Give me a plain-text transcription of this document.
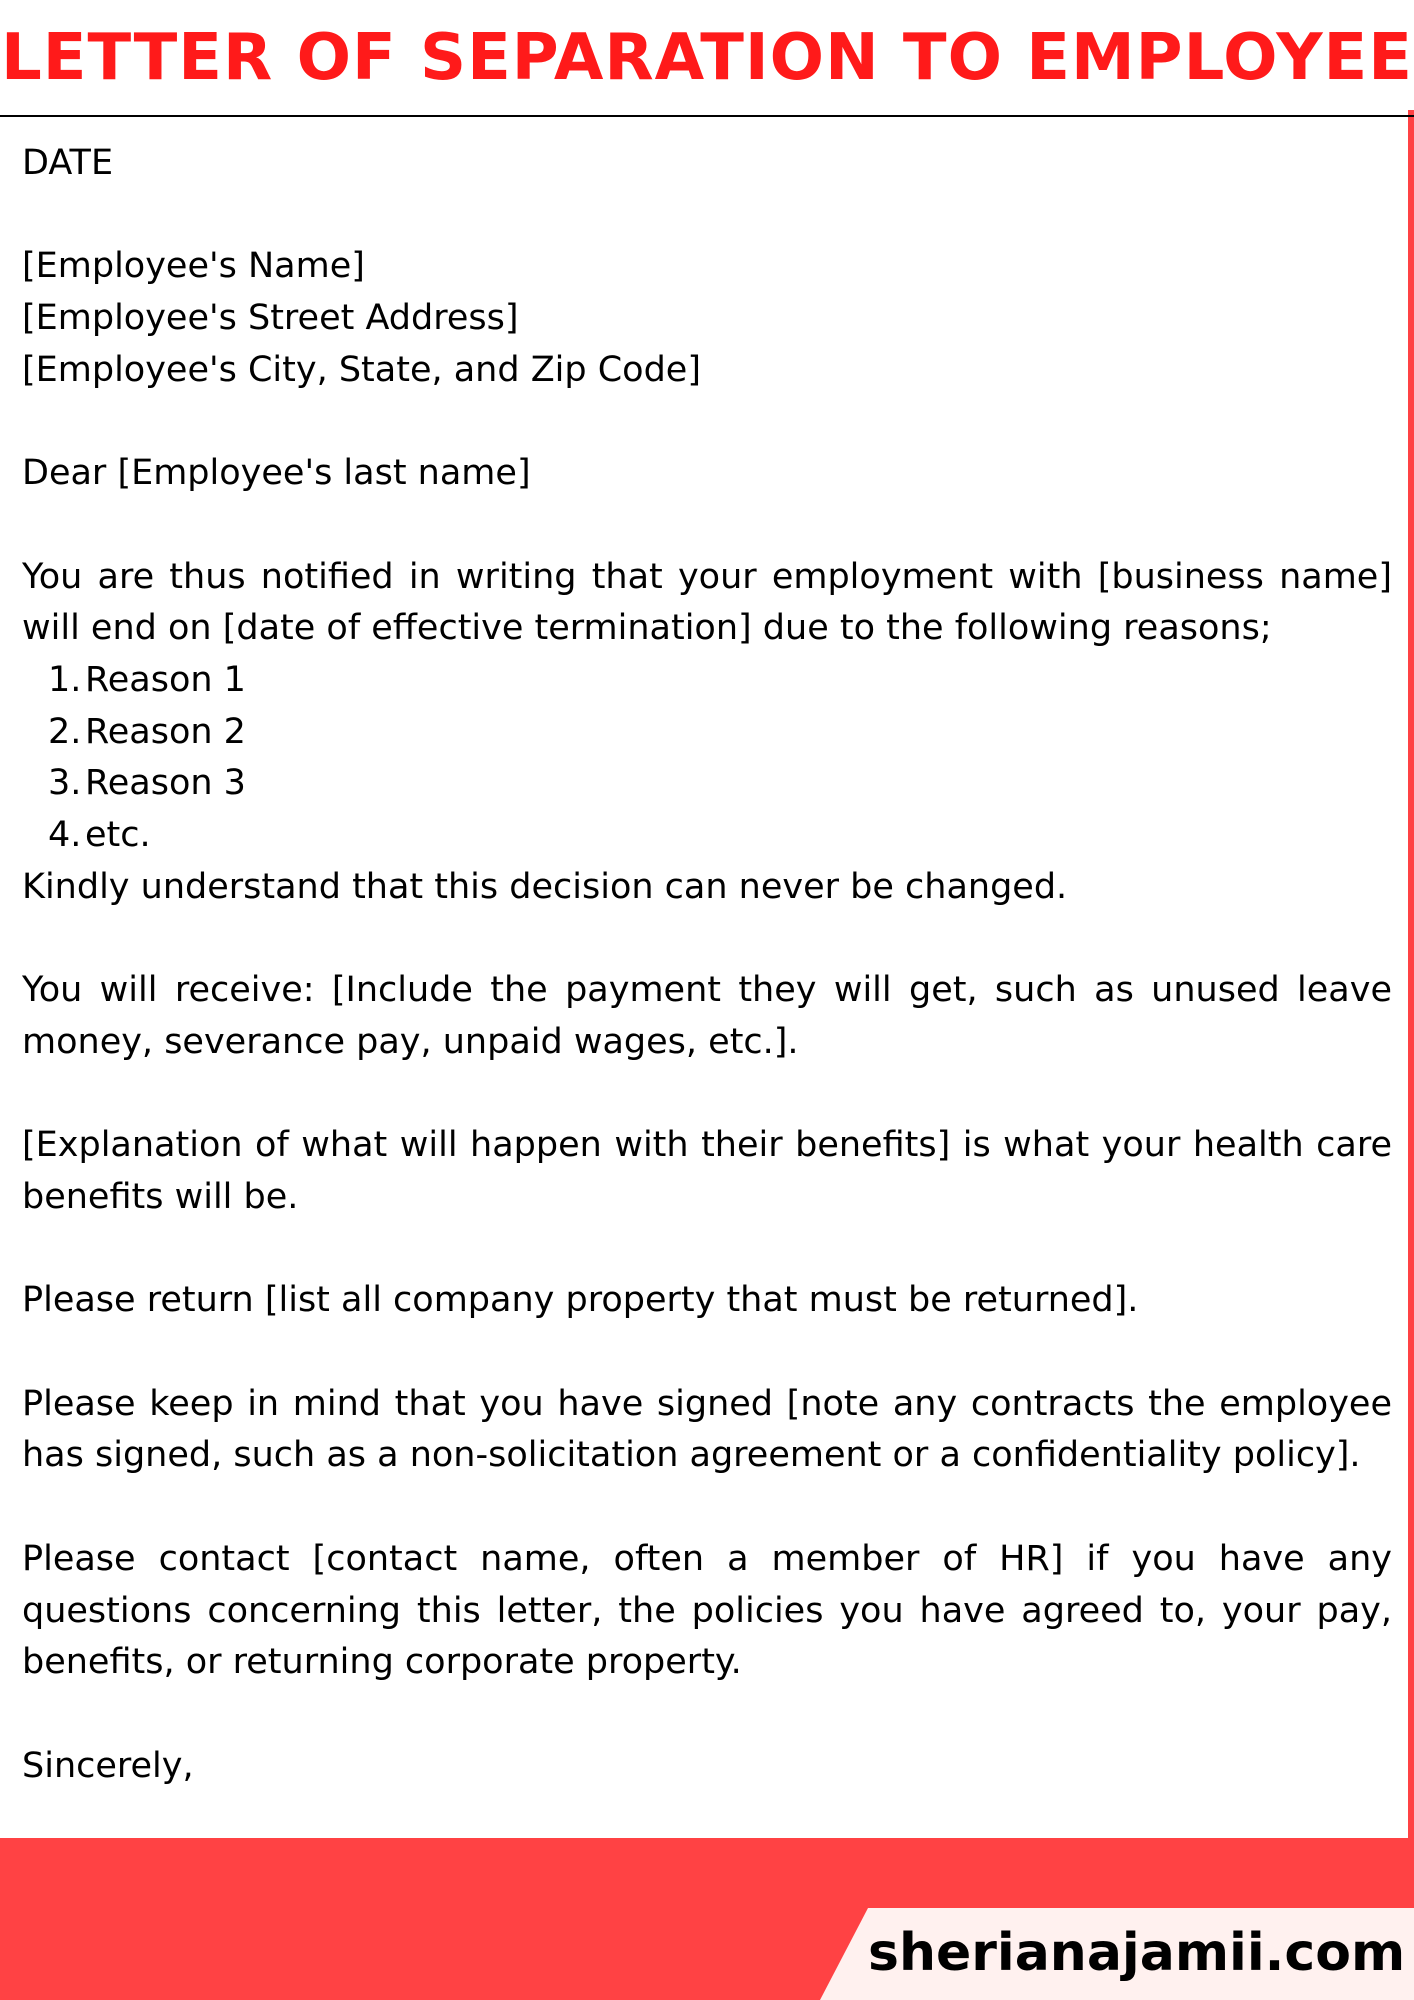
LETTER OF SEPARATION TO EMPLOYEE

DATE

[Employee's Name]

[Employee's Street Address]

[Employee's City, State, and Zip Code]

Dear [Employee's last name]

You are thus notified in writing that your employment with [business name] will end on [date of effective termination] due to the following reasons;

1. Reason 1
2. Reason 2
3. Reason 3
4. etc.

Kindly understand that this decision can never be changed.

You will receive: [Include the payment they will get, such as unused leave money, severance pay, unpaid wages, etc.].

[Explanation of what will happen with their benefits] is what your health care benefits will be.

Please return [list all company property that must be returned].

Please keep in mind that you have signed [note any contracts the employee has signed, such as a non-solicitation agreement or a confidentiality policy].

Please contact [contact name, often a member of HR] if you have any questions concerning this letter, the policies you have agreed to, your pay, benefits, or returning corporate property.

Sincerely,

sherianajamii.com
